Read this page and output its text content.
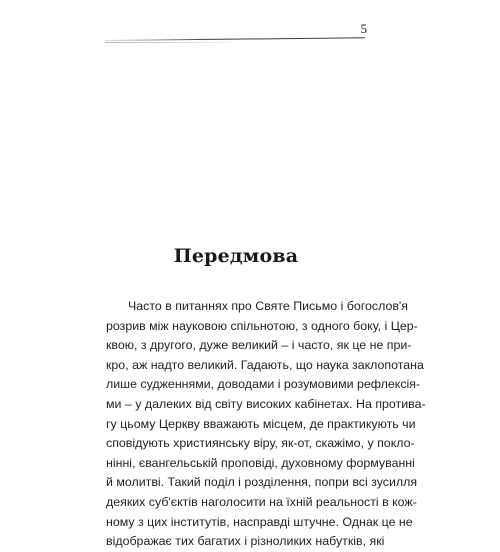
5
Передмова
Часто в питаннях про Святе Письмо і богослов'я
розрив між науковою спільнотою, з одного боку, і Цер-
квою, з другого, дуже великий – і часто, як це не при-
кро, аж надто великий. Гадають, що наука заклопотана
лише судженнями, доводами і розумовими рефлексія-
ми – у далеких від світу високих кабінетах. На протива-
гу цьому Церкву вважають місцем, де практикують чи
сповідують християнську віру, як-от, скажімо, у покло-
нінні, євангельській проповіді, духовному формуванні
й молитві. Такий поділ і розділення, попри всі зусилля
деяких суб'єктів наголосити на їхній реальності в кож-
ному з цих інститутів, насправді штучне. Однак це не
відображає тих багатих і різноликих набутків, які
